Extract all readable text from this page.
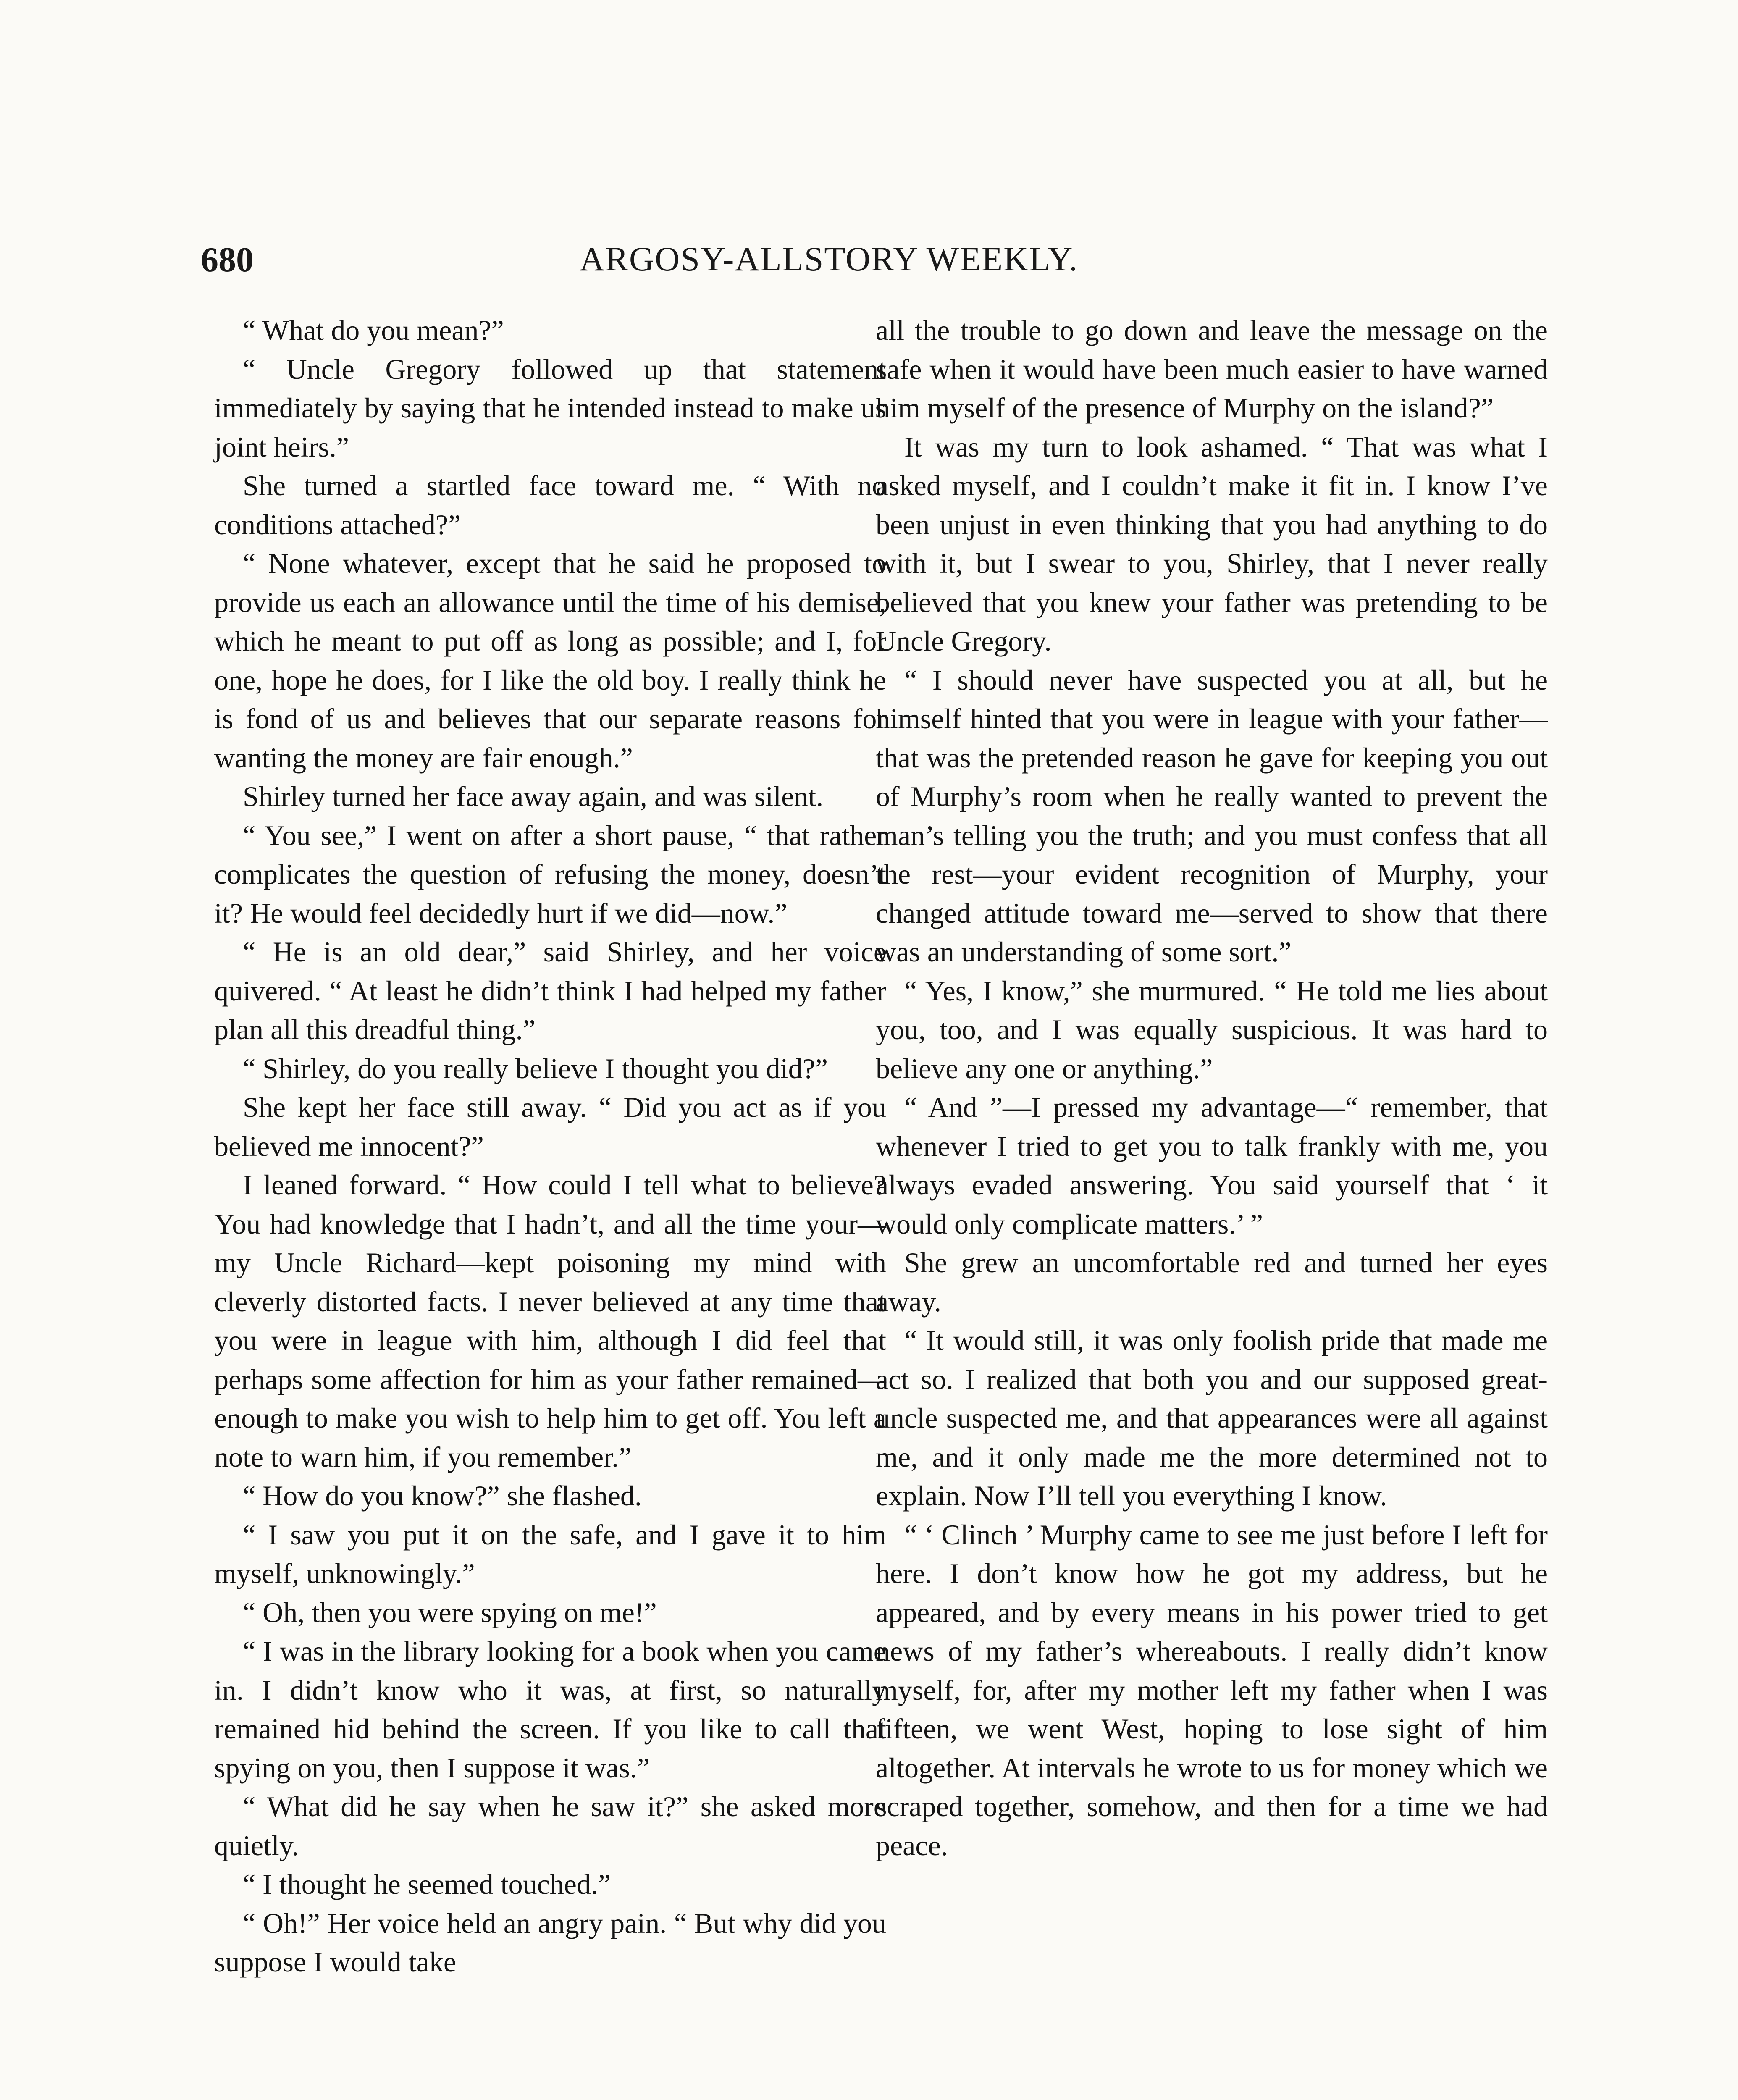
680	ARGOSY-ALLSTORY WEEKLY.

“ What do you mean?”

“ Uncle Gregory followed up that statement immediately by saying that he intended instead to make us joint heirs.”

She turned a startled face toward me. “ With no conditions attached?”

“ None whatever, except that he said he proposed to provide us each an allowance until the time of his demise, which he meant to put off as long as possible; and I, for one, hope he does, for I like the old boy. I really think he is fond of us and believes that our separate reasons for wanting the money are fair enough.”

Shirley turned her face away again, and was silent.

“ You see,” I went on after a short pause, “ that rather complicates the question of refusing the money, doesn’t it? He would feel decidedly hurt if we did—now.”

“ He is an old dear,” said Shirley, and her voice quivered. “ At least he didn’t think I had helped my father plan all this dreadful thing.”

“ Shirley, do you really believe I thought you did?”

She kept her face still away. “ Did you act as if you believed me innocent?”

I leaned forward. “ How could I tell what to believe? You had knowledge that I hadn’t, and all the time your—my Uncle Richard—kept poisoning my mind with cleverly distorted facts. I never believed at any time that you were in league with him, although I did feel that perhaps some affection for him as your father remained—enough to make you wish to help him to get off. You left a note to warn him, if you remember.”

“ How do you know?” she flashed.

“ I saw you put it on the safe, and I gave it to him myself, unknowingly.”

“ Oh, then you were spying on me!”

“ I was in the library looking for a book when you came in. I didn’t know who it was, at first, so naturally remained hid behind the screen. If you like to call that spying on you, then I suppose it was.”

“ What did he say when he saw it?” she asked more quietly.

“ I thought he seemed touched.”

“ Oh!” Her voice held an angry pain. “ But why did you suppose I would take

all the trouble to go down and leave the message on the safe when it would have been much easier to have warned him myself of the presence of Murphy on the island?”

It was my turn to look ashamed. “ That was what I asked myself, and I couldn’t make it fit in. I know I’ve been unjust in even thinking that you had anything to do with it, but I swear to you, Shirley, that I never really believed that you knew your father was pretending to be Uncle Gregory.

“ I should never have suspected you at all, but he himself hinted that you were in league with your father—that was the pretended reason he gave for keeping you out of Murphy’s room when he really wanted to prevent the man’s telling you the truth; and you must confess that all the rest—your evident recognition of Murphy, your changed attitude toward me—served to show that there was an understanding of some sort.”

“ Yes, I know,” she murmured. “ He told me lies about you, too, and I was equally suspicious. It was hard to believe any one or anything.”

“ And ”—I pressed my advantage—“ remember, that whenever I tried to get you to talk frankly with me, you always evaded answering. You said yourself that ‘ it would only complicate matters.’ ”

She grew an uncomfortable red and turned her eyes away.

“ It would still, it was only foolish pride that made me act so. I realized that both you and our supposed great-uncle suspected me, and that appearances were all against me, and it only made me the more determined not to explain. Now I’ll tell you everything I know.

“ ‘ Clinch ’ Murphy came to see me just before I left for here. I don’t know how he got my address, but he appeared, and by every means in his power tried to get news of my father’s whereabouts. I really didn’t know myself, for, after my mother left my father when I was fifteen, we went West, hoping to lose sight of him altogether. At intervals he wrote to us for money which we scraped together, somehow, and then for a time we had peace.
